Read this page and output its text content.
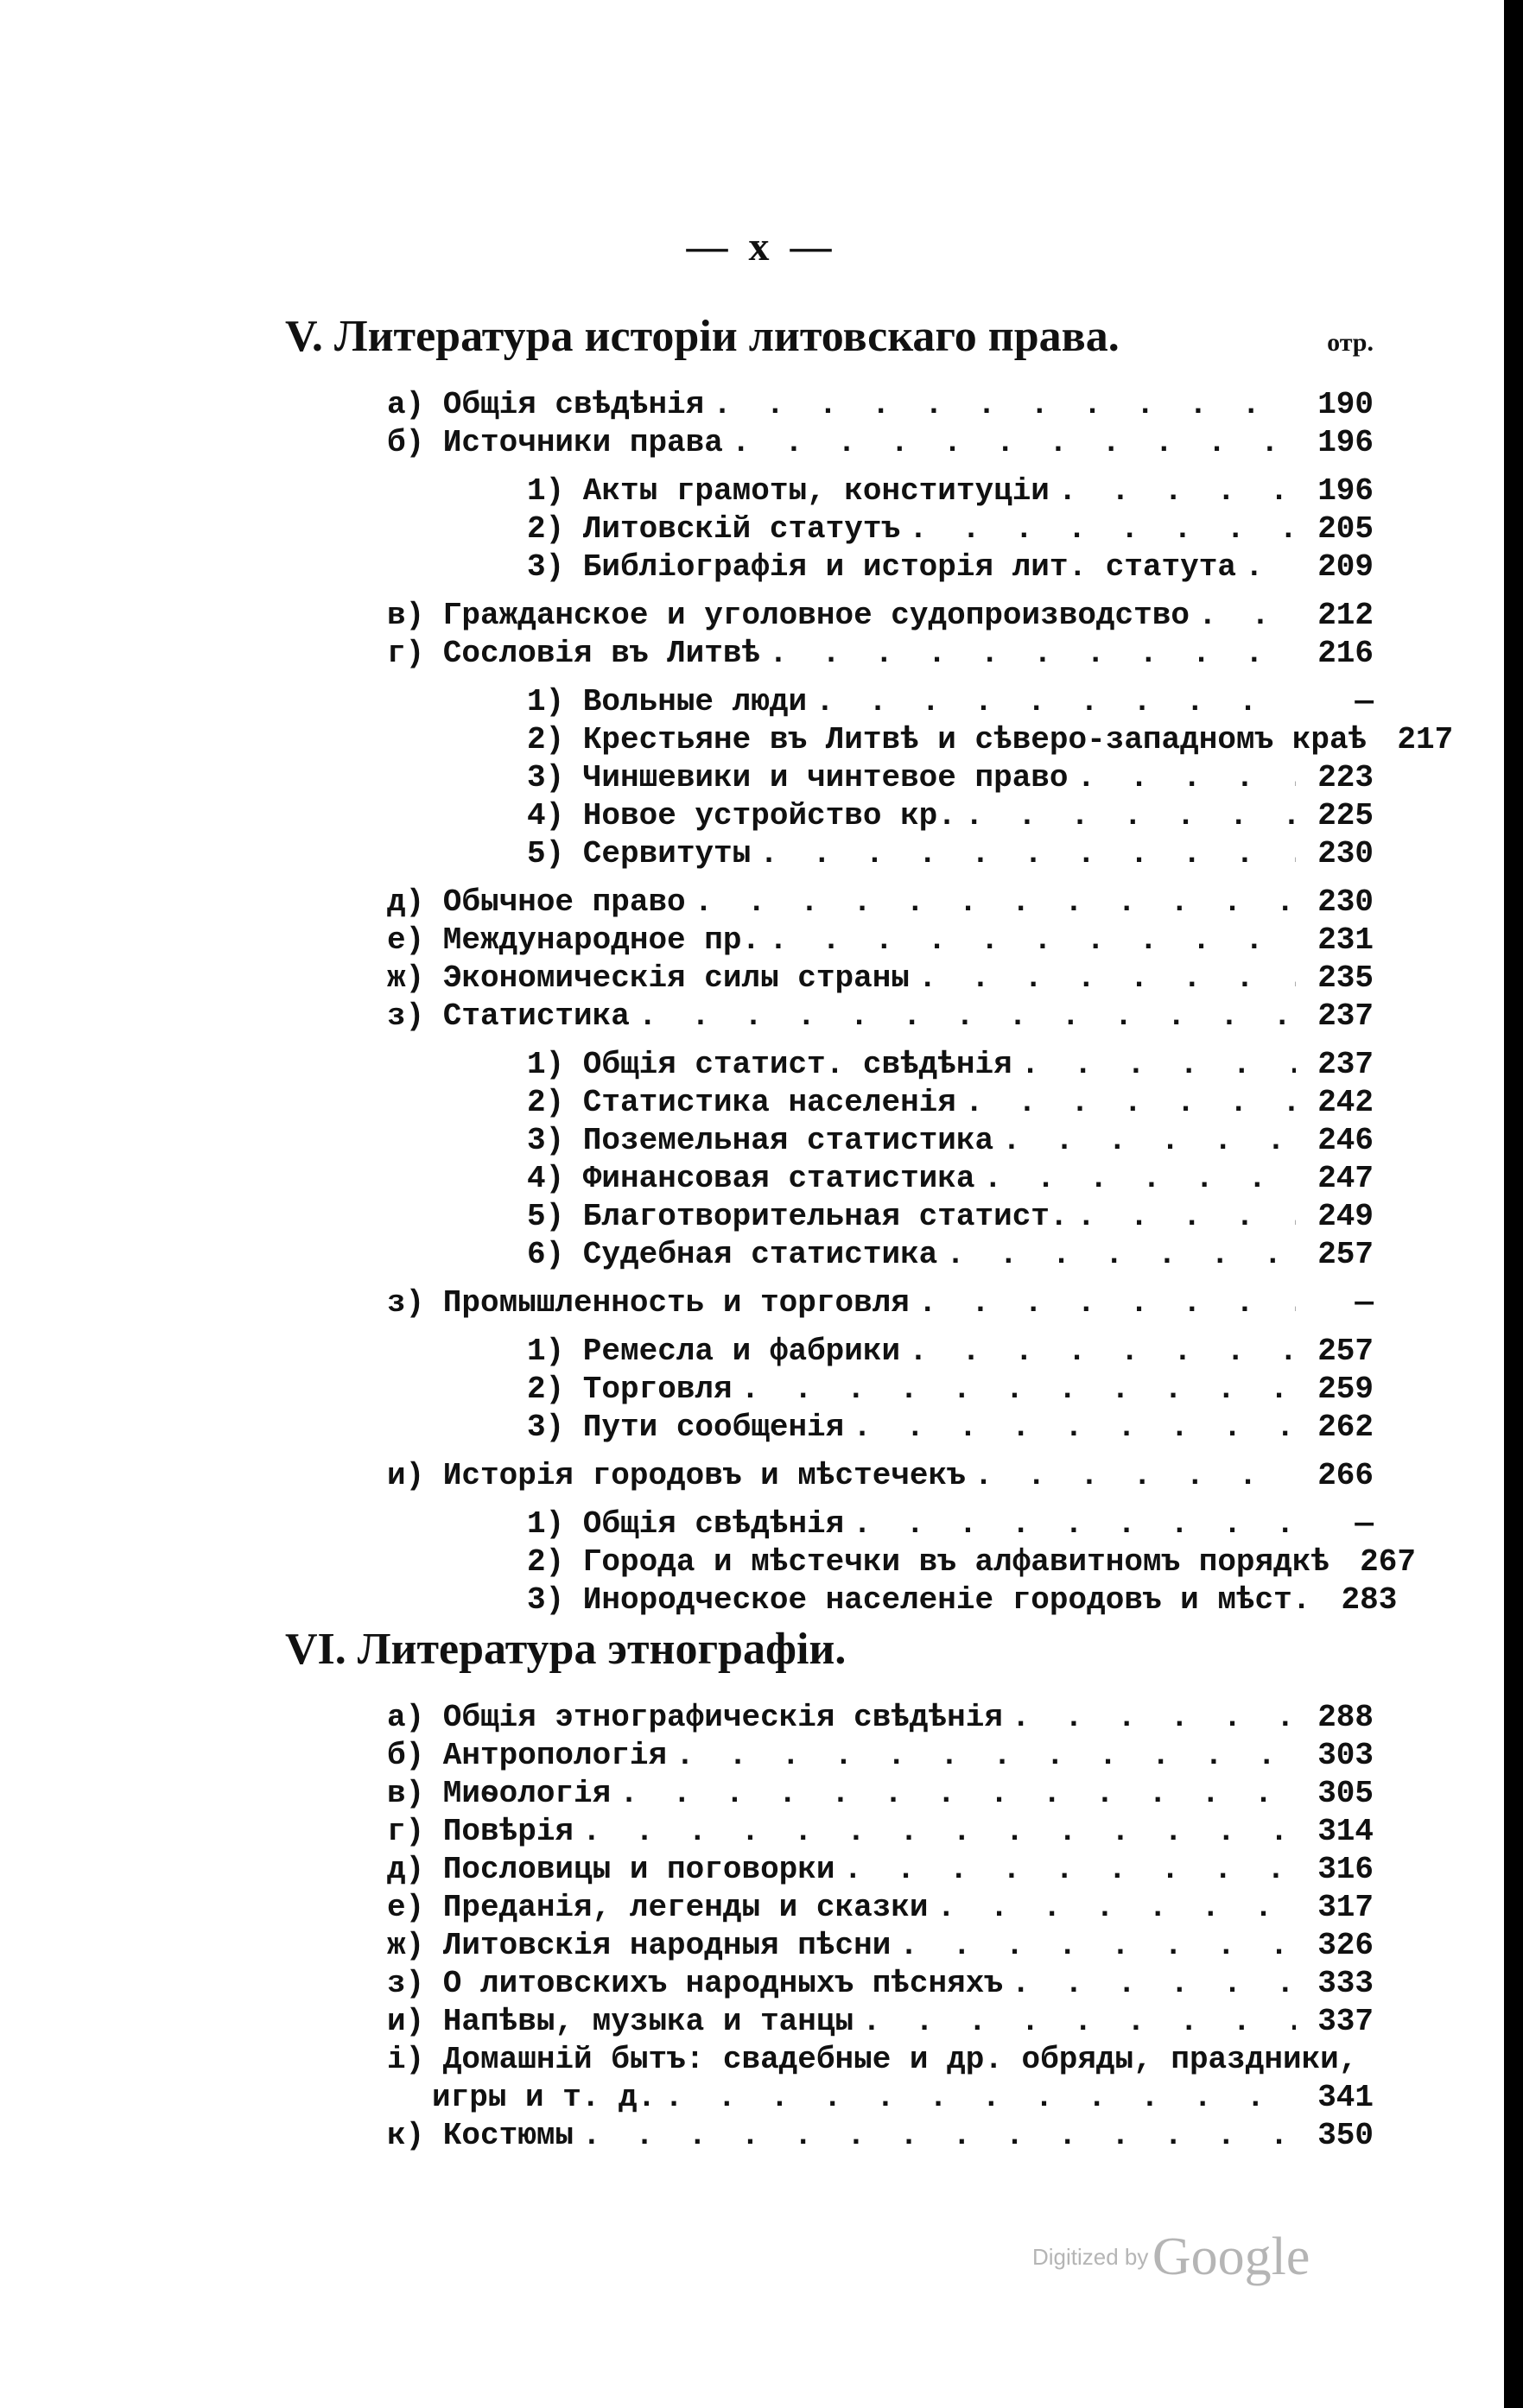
— x —
V. Литература исторіи литовскаго права.	отр.
а) Общія свѣдѣнія . . .	190
б) Источники права . . .	196
1) Акты грамоты, конституціи . . .	196
2) Литовскій статутъ . . .	205
3) Библіографія и исторія лит. статута . . .	209
в) Гражданское и уголовное судопроизводство . . .	212
г) Сословія въ Литвѣ . . .	216
1) Вольные люди . . .	—
2) Крестьяне въ Литвѣ и сѣверо-западномъ краѣ 217
3) Чиншевики и чинтевое право . . .	223
4) Новое устройство кр. . . .	225
5) Сервитуты . . .	230
д) Обычное право . . .	230
е) Международное пр. . . .	231
ж) Экономическія силы страны . . .	235
з) Статистика . . .	237
1) Общія статист. свѣдѣнія . . .	237
2) Статистика населенія . . .	242
3) Поземельная статистика . . .	246
4) Финансовая статистика . . .	247
5) Благотворительная статист. . . .	249
6) Судебная статистика . . .	257
з) Промышленность и торговля . . .	—
1) Ремесла и фабрики . . .	257
2) Торговля . . .	259
3) Пути сообщенія . . .	262
и) Исторія городовъ и мѣстечекъ . . .	266
1) Общія свѣдѣнія . . .	—
2) Города и мѣстечки въ алфавитномъ порядкѣ 267
3) Инородческое населеніе городовъ и мѣст. 283
VI. Литература этнографіи.
а) Общія этнографическія свѣдѣнія . . .	288
б) Антропологія . . .	303
в) Миѳологія . . .	305
г) Повѣрія . . .	314
д) Пословицы и поговорки . . .	316
е) Преданія, легенды и сказки . . .	317
ж) Литовскія народныя пѣсни . . .	326
з) О литовскихъ народныхъ пѣсняхъ . . .	333
и) Напѣвы, музыка и танцы . . .	337
і) Домашній бытъ: свадебные и др. обряды, праздники,
игры и т. д. . . .	341
к) Костюмы . . .	350
Digitized by Google
